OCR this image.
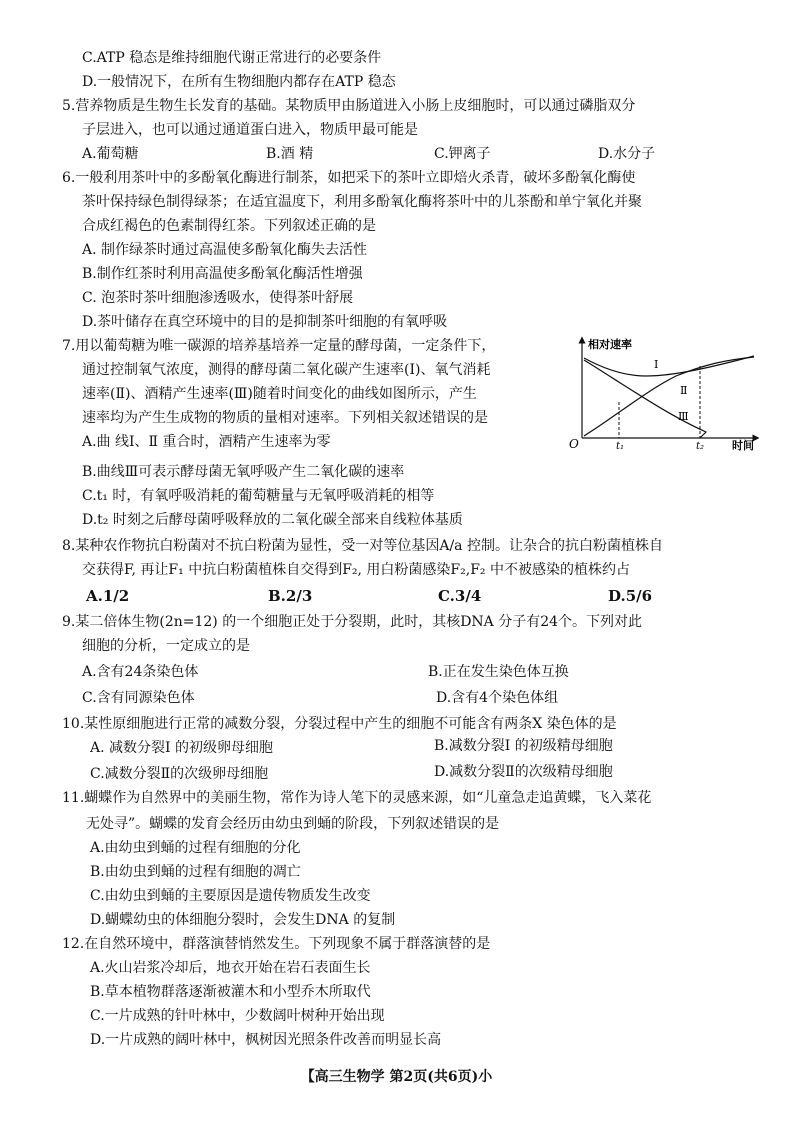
C.ATP 稳态是维持细胞代谢正常进行的必要条件
D.一般情况下，在所有生物细胞内都存在ATP 稳态
5.营养物质是生物生长发育的基础。某物质甲由肠道进入小肠上皮细胞时，可以通过磷脂双分
子层进入，也可以通过通道蛋白进入，物质甲最可能是
A.葡萄糖	B.酒 精	C.钾离子	D.水分子
6.一般利用茶叶中的多酚氧化酶进行制茶，如把采下的茶叶立即焙火杀青，破坏多酚氧化酶使
茶叶保持绿色制得绿茶；在适宜温度下，利用多酚氧化酶将茶叶中的儿茶酚和单宁氧化并聚
合成红褐色的色素制得红茶。下列叙述正确的是
A. 制作绿茶时通过高温使多酚氧化酶失去活性
B.制作红茶时利用高温使多酚氧化酶活性增强
C. 泡茶时茶叶细胞渗透吸水，使得茶叶舒展
D.茶叶储存在真空环境中的目的是抑制茶叶细胞的有氧呼吸
7.用以葡萄糖为唯一碳源的培养基培养一定量的酵母菌，一定条件下，
通过控制氧气浓度，测得的酵母菌二氧化碳产生速率(I)、氧气消耗
速率(Ⅱ)、酒精产生速率(Ⅲ)随着时间变化的曲线如图所示，产生
速率均为产生生成物的物质的量相对速率。下列相关叙述错误的是
A.曲 线I、Ⅱ 重合时，酒精产生速率为零
B.曲线Ⅲ可表示酵母菌无氧呼吸产生二氧化碳的速率
C.t₁ 时，有氧呼吸消耗的葡萄糖量与无氧呼吸消耗的相等
D.t₂ 时刻之后酵母菌呼吸释放的二氧化碳全部来自线粒体基质
相对速率
时间
O	t₁	t₂
I
Ⅱ
Ⅲ
8.某种农作物抗白粉菌对不抗白粉菌为显性，受一对等位基因A/a 控制。让杂合的抗白粉菌植株自
交获得F, 再让F₁ 中抗白粉菌植株自交得到F₂, 用白粉菌感染F₂,F₂ 中不被感染的植株约占
A.1/2	B.2/3	C.3/4	D.5/6
9.某二倍体生物(2n=12) 的一个细胞正处于分裂期，此时，其核DNA 分子有24个。下列对此
细胞的分析，一定成立的是
A.含有24条染色体	B.正在发生染色体互换
C.含有同源染色体	D.含有4个染色体组
10.某性原细胞进行正常的减数分裂，分裂过程中产生的细胞不可能含有两条X 染色体的是
A. 减数分裂I 的初级卵母细胞	B.减数分裂I 的初级精母细胞
C.减数分裂Ⅱ的次级卵母细胞	D.减数分裂Ⅱ的次级精母细胞
11.蝴蝶作为自然界中的美丽生物，常作为诗人笔下的灵感来源，如“儿童急走追黄蝶，飞入菜花
无处寻”。蝴蝶的发育会经历由幼虫到蛹的阶段，下列叙述错误的是
A.由幼虫到蛹的过程有细胞的分化
B.由幼虫到蛹的过程有细胞的凋亡
C.由幼虫到蛹的主要原因是遗传物质发生改变
D.蝴蝶幼虫的体细胞分裂时，会发生DNA 的复制
12.在自然环境中，群落演替悄然发生。下列现象不属于群落演替的是
A.火山岩浆冷却后，地衣开始在岩石表面生长
B.草本植物群落逐渐被灌木和小型乔木所取代
C.一片成熟的针叶林中，少数阔叶树种开始出现
D.一片成熟的阔叶林中，枫树因光照条件改善而明显长高
【高三生物学 第2页(共6页)小
